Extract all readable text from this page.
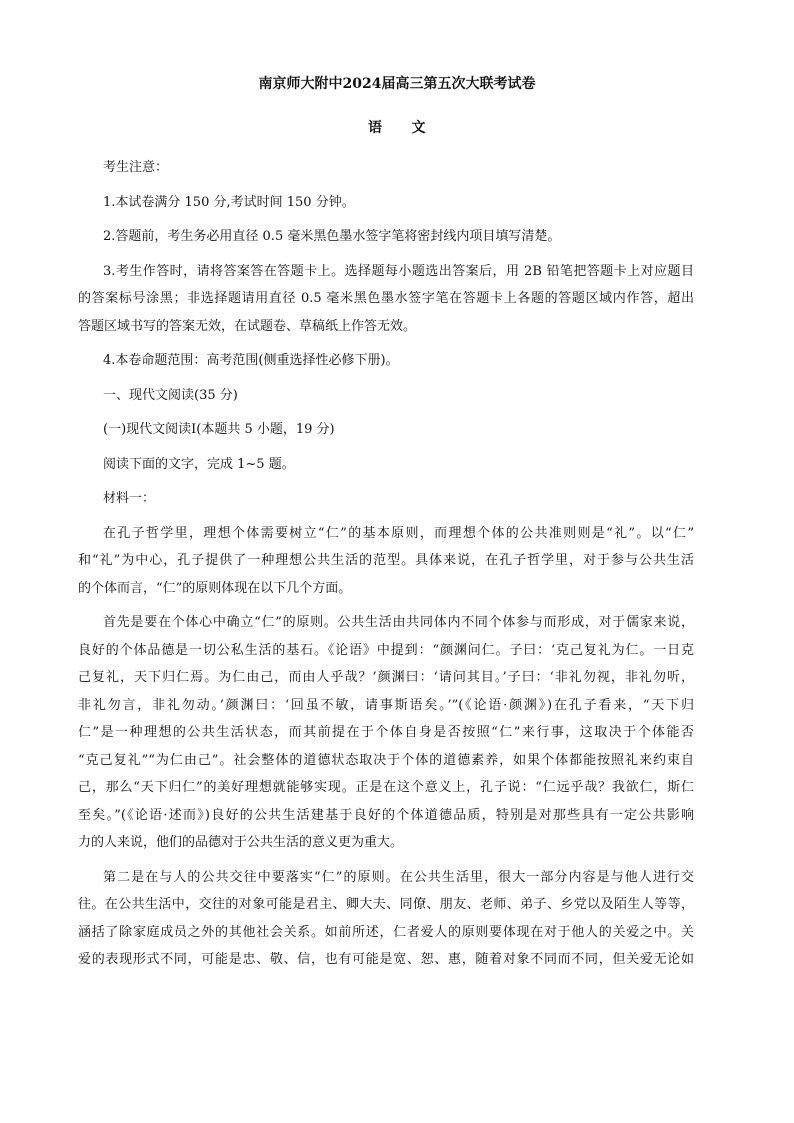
南京师大附中2024届高三第五次大联考试卷
语　　文
考生注意：
1.本试卷满分 150 分,考试时间 150 分钟。
2.答题前，考生务必用直径 0.5 毫米黑色墨水签字笔将密封线内项目填写清楚。
3.考生作答时，请将答案答在答题卡上。选择题每小题选出答案后，用 2B 铅笔把答题卡上对应题目
的答案标号涂黑；非选择题请用直径 0.5 毫米黑色墨水签字笔在答题卡上各题的答题区域内作答，超出
答题区域书写的答案无效，在试题卷、草稿纸上作答无效。
4.本卷命题范围：高考范围(侧重选择性必修下册)。
一、现代文阅读(35 分)
(一)现代文阅读Ⅰ(本题共 5 小题，19 分)
阅读下面的文字，完成 1~5 题。
材料一：
在孔子哲学里，理想个体需要树立“仁”的基本原则，而理想个体的公共准则则是“礼”。以“仁”
和“礼”为中心，孔子提供了一种理想公共生活的范型。具体来说，在孔子哲学里，对于参与公共生活
的个体而言，“仁”的原则体现在以下几个方面。
首先是要在个体心中确立“仁”的原则。公共生活由共同体内不同个体参与而形成，对于儒家来说，
良好的个体品德是一切公私生活的基石。《论语》中提到：“颜渊问仁。子曰：‘克己复礼为仁。一日克
己复礼，天下归仁焉。为仁由己，而由人乎哉？’颜渊曰：‘请问其目。’子曰：‘非礼勿视，非礼勿听，
非礼勿言，非礼勿动。’颜渊曰：‘回虽不敏，请事斯语矣。’”(《论语·颜渊》)在孔子看来，“天下归
仁”是一种理想的公共生活状态，而其前提在于个体自身是否按照“仁”来行事，这取决于个体能否
“克己复礼”“为仁由己”。社会整体的道德状态取决于个体的道德素养，如果个体都能按照礼来约束自
己，那么“天下归仁”的美好理想就能够实现。正是在这个意义上，孔子说：“仁远乎哉？我欲仁，斯仁
至矣。”(《论语·述而》)良好的公共生活建基于良好的个体道德品质，特别是对那些具有一定公共影响
力的人来说，他们的品德对于公共生活的意义更为重大。
第二是在与人的公共交往中要落实“仁”的原则。在公共生活里，很大一部分内容是与他人进行交
往。在公共生活中，交往的对象可能是君主、卿大夫、同僚、朋友、老师、弟子、乡党以及陌生人等等，
涵括了除家庭成员之外的其他社会关系。如前所述，仁者爱人的原则要体现在对于他人的关爱之中。关
爱的表现形式不同，可能是忠、敬、信，也有可能是宽、恕、惠，随着对象不同而不同，但关爱无论如
